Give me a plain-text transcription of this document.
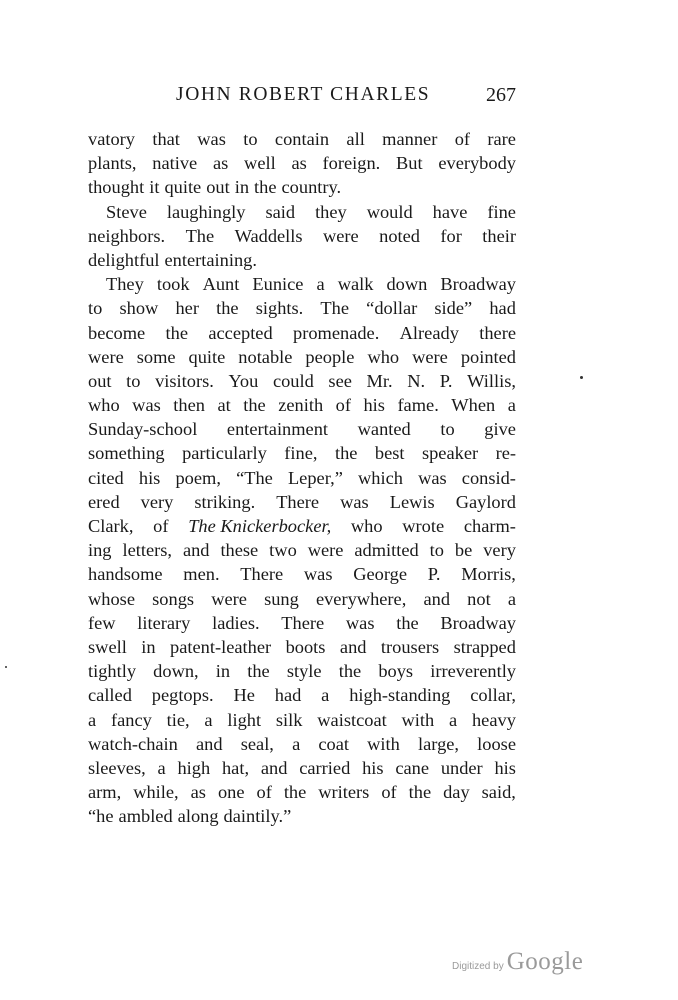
JOHN ROBERT CHARLES	267
vatory that was to contain all manner of rare
plants, native as well as foreign. But everybody
thought it quite out in the country.
Steve laughingly said they would have fine
neighbors. The Waddells were noted for their
delightful entertaining.
They took Aunt Eunice a walk down Broadway
to show her the sights. The “dollar side” had
become the accepted promenade. Already there
were some quite notable people who were pointed
out to visitors. You could see Mr. N. P. Willis,
who was then at the zenith of his fame. When a
Sunday-school entertainment wanted to give
something particularly fine, the best speaker re-
cited his poem, “The Leper,” which was consid-
ered very striking. There was Lewis Gaylord
Clark, of The Knickerbocker, who wrote charm-
ing letters, and these two were admitted to be very
handsome men. There was George P. Morris,
whose songs were sung everywhere, and not a
few literary ladies. There was the Broadway
swell in patent-leather boots and trousers strapped
tightly down, in the style the boys irreverently
called pegtops. He had a high-standing collar,
a fancy tie, a light silk waistcoat with a heavy
watch-chain and seal, a coat with large, loose
sleeves, a high hat, and carried his cane under his
arm, while, as one of the writers of the day said,
“he ambled along daintily.”
Digitized by Google
